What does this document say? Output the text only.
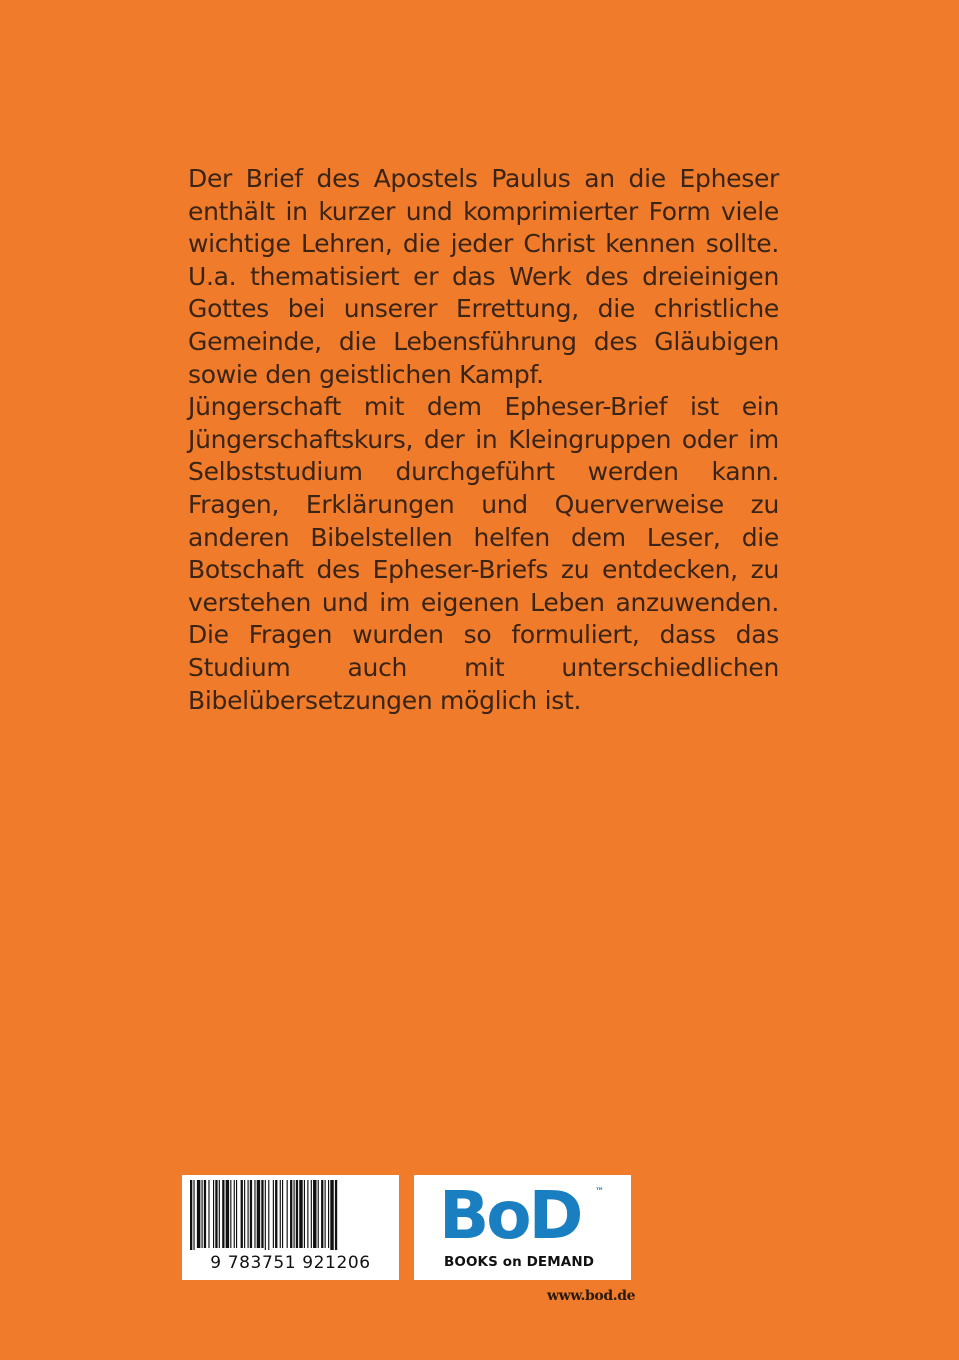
Der Brief des Apostels Paulus an die Epheser enthält in kurzer und komprimierter Form viele wichtige Lehren, die jeder Christ kennen sollte. U.a. thematisiert er das Werk des dreieinigen Gottes bei unserer Errettung, die christliche Gemeinde, die Lebensführung des Gläubigen sowie den geistlichen Kampf.

Jüngerschaft mit dem Epheser-Brief ist ein Jüngerschaftskurs, der in Kleingruppen oder im Selbststudium durchgeführt werden kann. Fragen, Erklärungen und Querverweise zu anderen Bibelstellen helfen dem Leser, die Botschaft des Epheser-Briefs zu entdecken, zu verstehen und im eigenen Leben anzuwenden. Die Fragen wurden so formuliert, dass das Studium auch mit unterschiedlichen Bibelübersetzungen möglich ist.

9 783751 921206
BoD ™
BOOKS on DEMAND
www.bod.de
